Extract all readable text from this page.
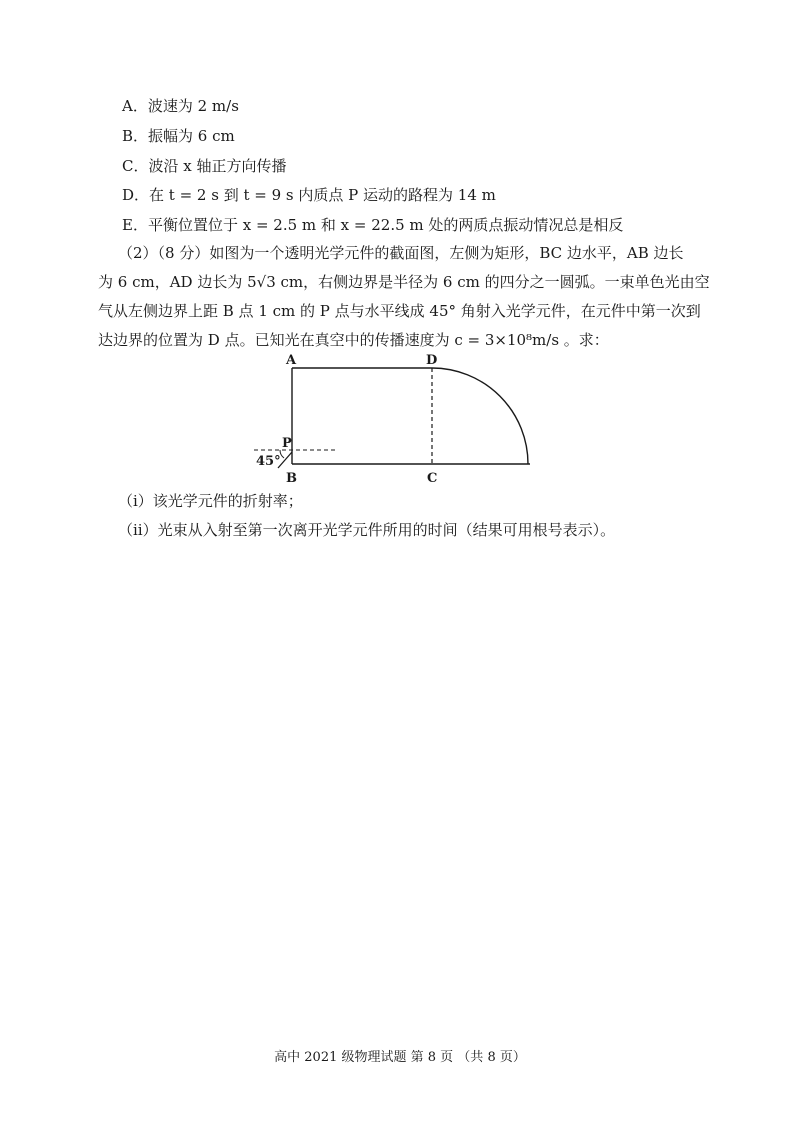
A．波速为 2 m/s
B．振幅为 6 cm
C．波沿 x 轴正方向传播
D．在 t = 2 s 到 t = 9 s 内质点 P 运动的路程为 14 m
E．平衡位置位于 x = 2.5 m 和 x = 22.5 m 处的两质点振动情况总是相反
（2）（8 分）如图为一个透明光学元件的截面图，左侧为矩形，BC 边水平，AB 边长
为 6 cm，AD 边长为 5√3 cm，右侧边界是半径为 6 cm 的四分之一圆弧。一束单色光由空
气从左侧边界上距 B 点 1 cm 的 P 点与水平线成 45° 角射入光学元件，在元件中第一次到
达边界的位置为 D 点。已知光在真空中的传播速度为 c = 3×10⁸m/s 。求：
A	D
P
45°
B	C
（ⅰ）该光学元件的折射率；
（ⅱ）光束从入射至第一次离开光学元件所用的时间（结果可用根号表示）。
高中 2021 级物理试题 第 8 页 （共 8 页）
